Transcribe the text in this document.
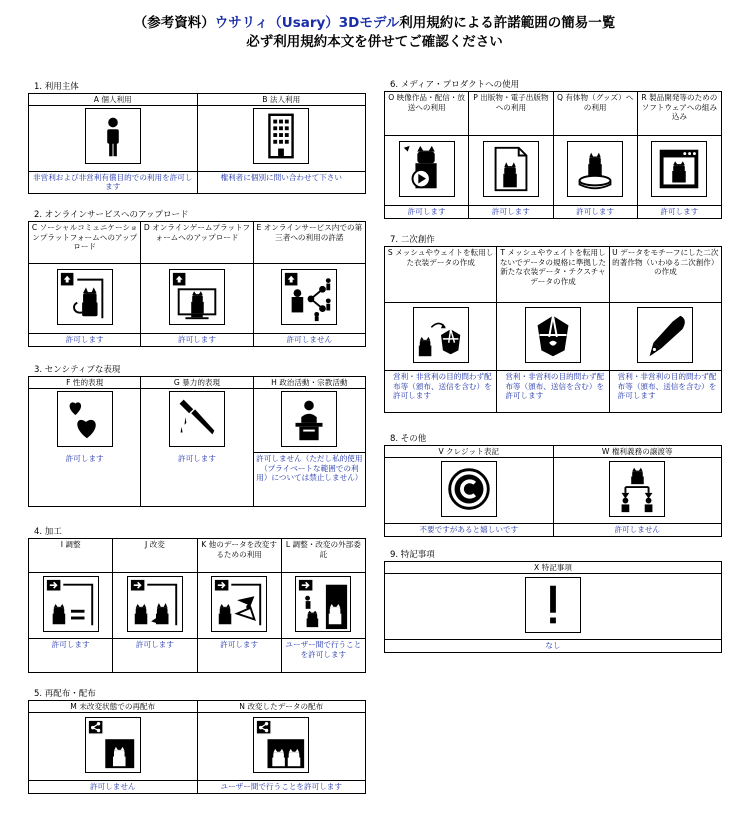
（参考資料）ウサリィ（Usary）3Dモデル利用規約による許諾範囲の簡易一覧
必ず利用規約本文を併せてご確認ください
1. 利用主体
A 個人利用	B 法人利用

非営利および非営利有償目的での利用を許可します	権利者に個別に問い合わせて下さい
2. オンラインサービスへのアップロード
C ソーシャルコミュニケーションプラットフォームへのアップロード	D オンラインゲームプラットフォームへのアップロード	E オンラインサービス内での第三者への利用の許諾

許可します	許可します	許可しません
3. センシティブな表現
F 性的表現	G 暴力的表現	H 政治活動・宗教活動

許可します	許可します	許可しません（ただし私的使用（プライベートな範囲での利用）については禁止しません）
4. 加工
I 調整	J 改変	K 他のデータを改変するための利用	L 調整・改変の外部委託

許可します	許可します	許可します	ユーザー間で行うことを許可します
5. 再配布・配布
M 未改変状態での再配布	N 改変したデータの配布

許可しません	ユーザー間で行うことを許可します
6. メディア・プロダクトへの使用
O 映像作品・配信・放送への利用	P 出版物・電子出版物への利用	Q 有体物（グッズ）への利用	R 製品開発等のためのソフトウェアへの組み込み

許可します	許可します	許可します	許可します
7. 二次創作
S メッシュやウェイトを転用した衣装データの作成	T メッシュやウェイトを転用しないでデータの規格に準拠した新たな衣装データ・テクスチャデータの作成	U データをモチーフにした二次的著作物（いわゆる二次創作）の作成

営利・非営利の目的問わず配布等（頒布、送信を含む）を許可します	営利・非営利の目的問わず配布等（頒布、送信を含む）を許可します	営利・非営利の目的問わず配布等（頒布、送信を含む）を許可します
8. その他
V クレジット表記	W 権利義務の譲渡等

不要ですがあると嬉しいです	許可しません
9. 特記事項
X 特記事項

なし
